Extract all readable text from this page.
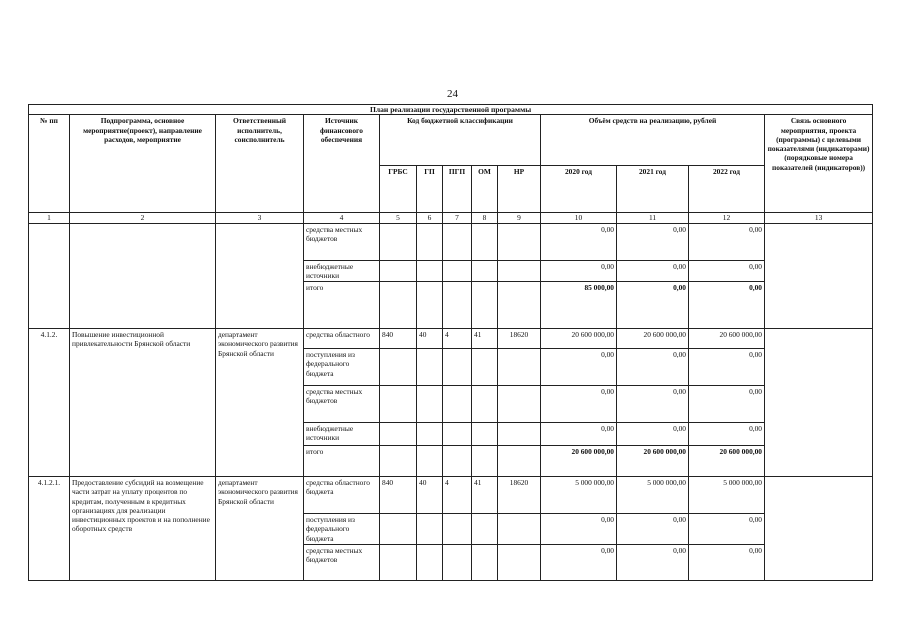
24
План реализации государственной программы												
№ пп	Подпрограмма, основное мероприятие(проект), направление расходов, мероприятие	Ответственный исполнитель, соисполнитель	Источник финансового обеспечения	Код бюджетной классификации					Объём средств на реализацию, рублей			Связь основного мероприятия, проекта (программы) с целевыми показателями (индикаторами) (порядковые номера показателей (индикаторов))
				ГРБС	ГП	ПГП	ОМ	НР	2020 год	2021 год	2022 год	
1	2	3	4	5	6	7	8	9	10	11	12	13
			средства местных бюджетов						0,00	0,00	0,00	
			внебюджетные источники						0,00	0,00	0,00	
			итого						85 000,00	0,00	0,00	
4.1.2.	Повышение инвестиционной привлекательности Брянской области	департамент экономического развития Брянской области	средства областного	840	40	4	41	18620	20 600 000,00	20 600 000,00	20 600 000,00	
			поступления из федерального бюджета						0,00	0,00	0,00	
			средства местных бюджетов						0,00	0,00	0,00	
			внебюджетные источники						0,00	0,00	0,00	
			итого						20 600 000,00	20 600 000,00	20 600 000,00	
4.1.2.1.	Предоставление субсидий на возмещение части затрат на уплату процентов по кредитам, полученным в кредитных организациях для реализации инвестиционных проектов и на пополнение оборотных средств	департамент экономического развития Брянской области	средства областного бюджета	840	40	4	41	18620	5 000 000,00	5 000 000,00	5 000 000,00	
			поступления из федерального бюджета						0,00	0,00	0,00	
			средства местных бюджетов						0,00	0,00	0,00	
